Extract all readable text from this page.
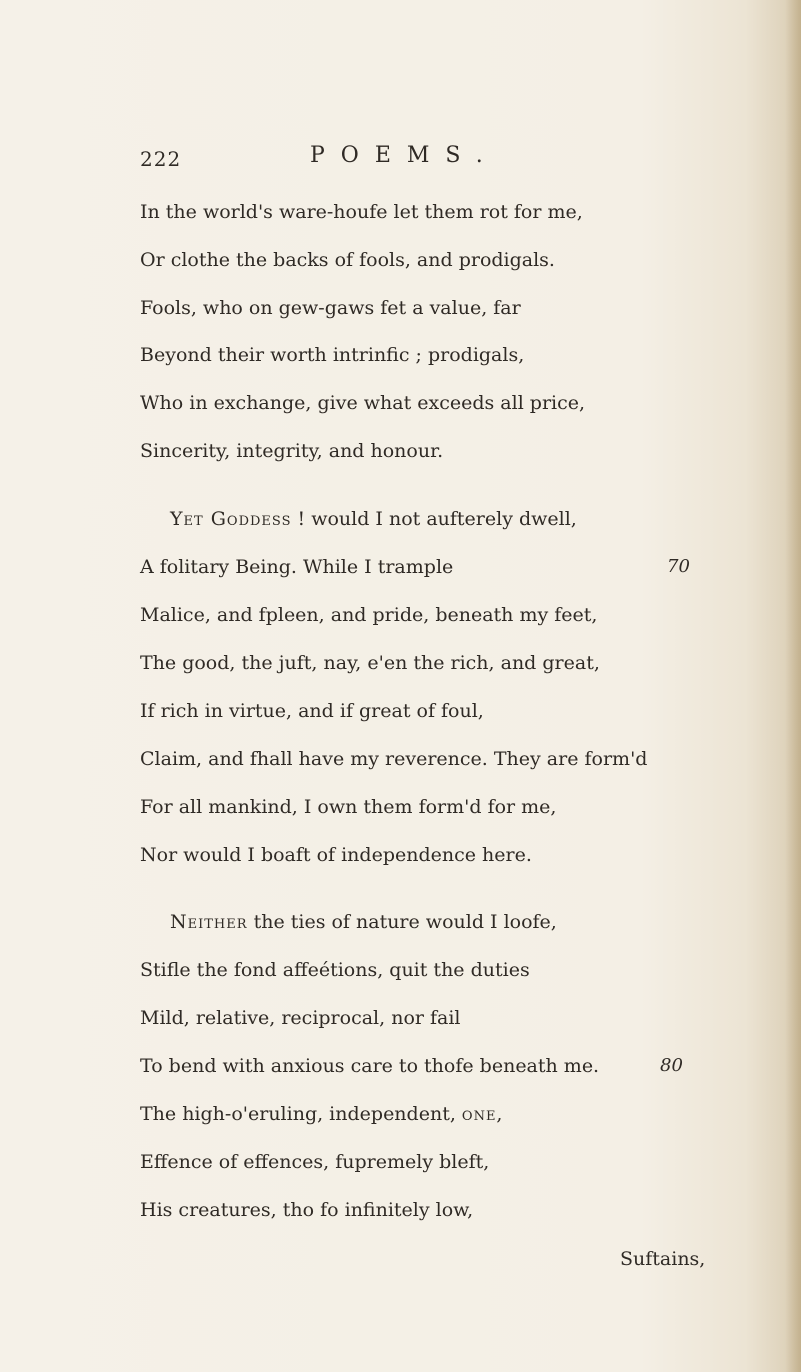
222	POEMS.
In the world's ware-houfe let them rot for me,
Or clothe the backs of fools, and prodigals.
Fools, who on gew-gaws fet a value, far
Beyond their worth intrinfic ; prodigals,
Who in exchange, give what exceeds all price,
Sincerity, integrity, and honour.
Yet Goddess ! would I not aufterely dwell,
A folitary Being. While I trample	70
Malice, and fpleen, and pride, beneath my feet,
The good, the juft, nay, e'en the rich, and great,
If rich in virtue, and if great of foul,
Claim, and fhall have my reverence. They are form'd
For all mankind, I own them form'd for me,
Nor would I boaft of independence here.
Neither the ties of nature would I loofe,
Stifle the fond affeétions, quit the duties
Mild, relative, reciprocal, nor fail
To bend with anxious care to thofe beneath me.	80
The high-o'eruling, independent, one,
Effence of effences, fupremely bleft,
His creatures, tho fo infinitely low,
Suftains,
